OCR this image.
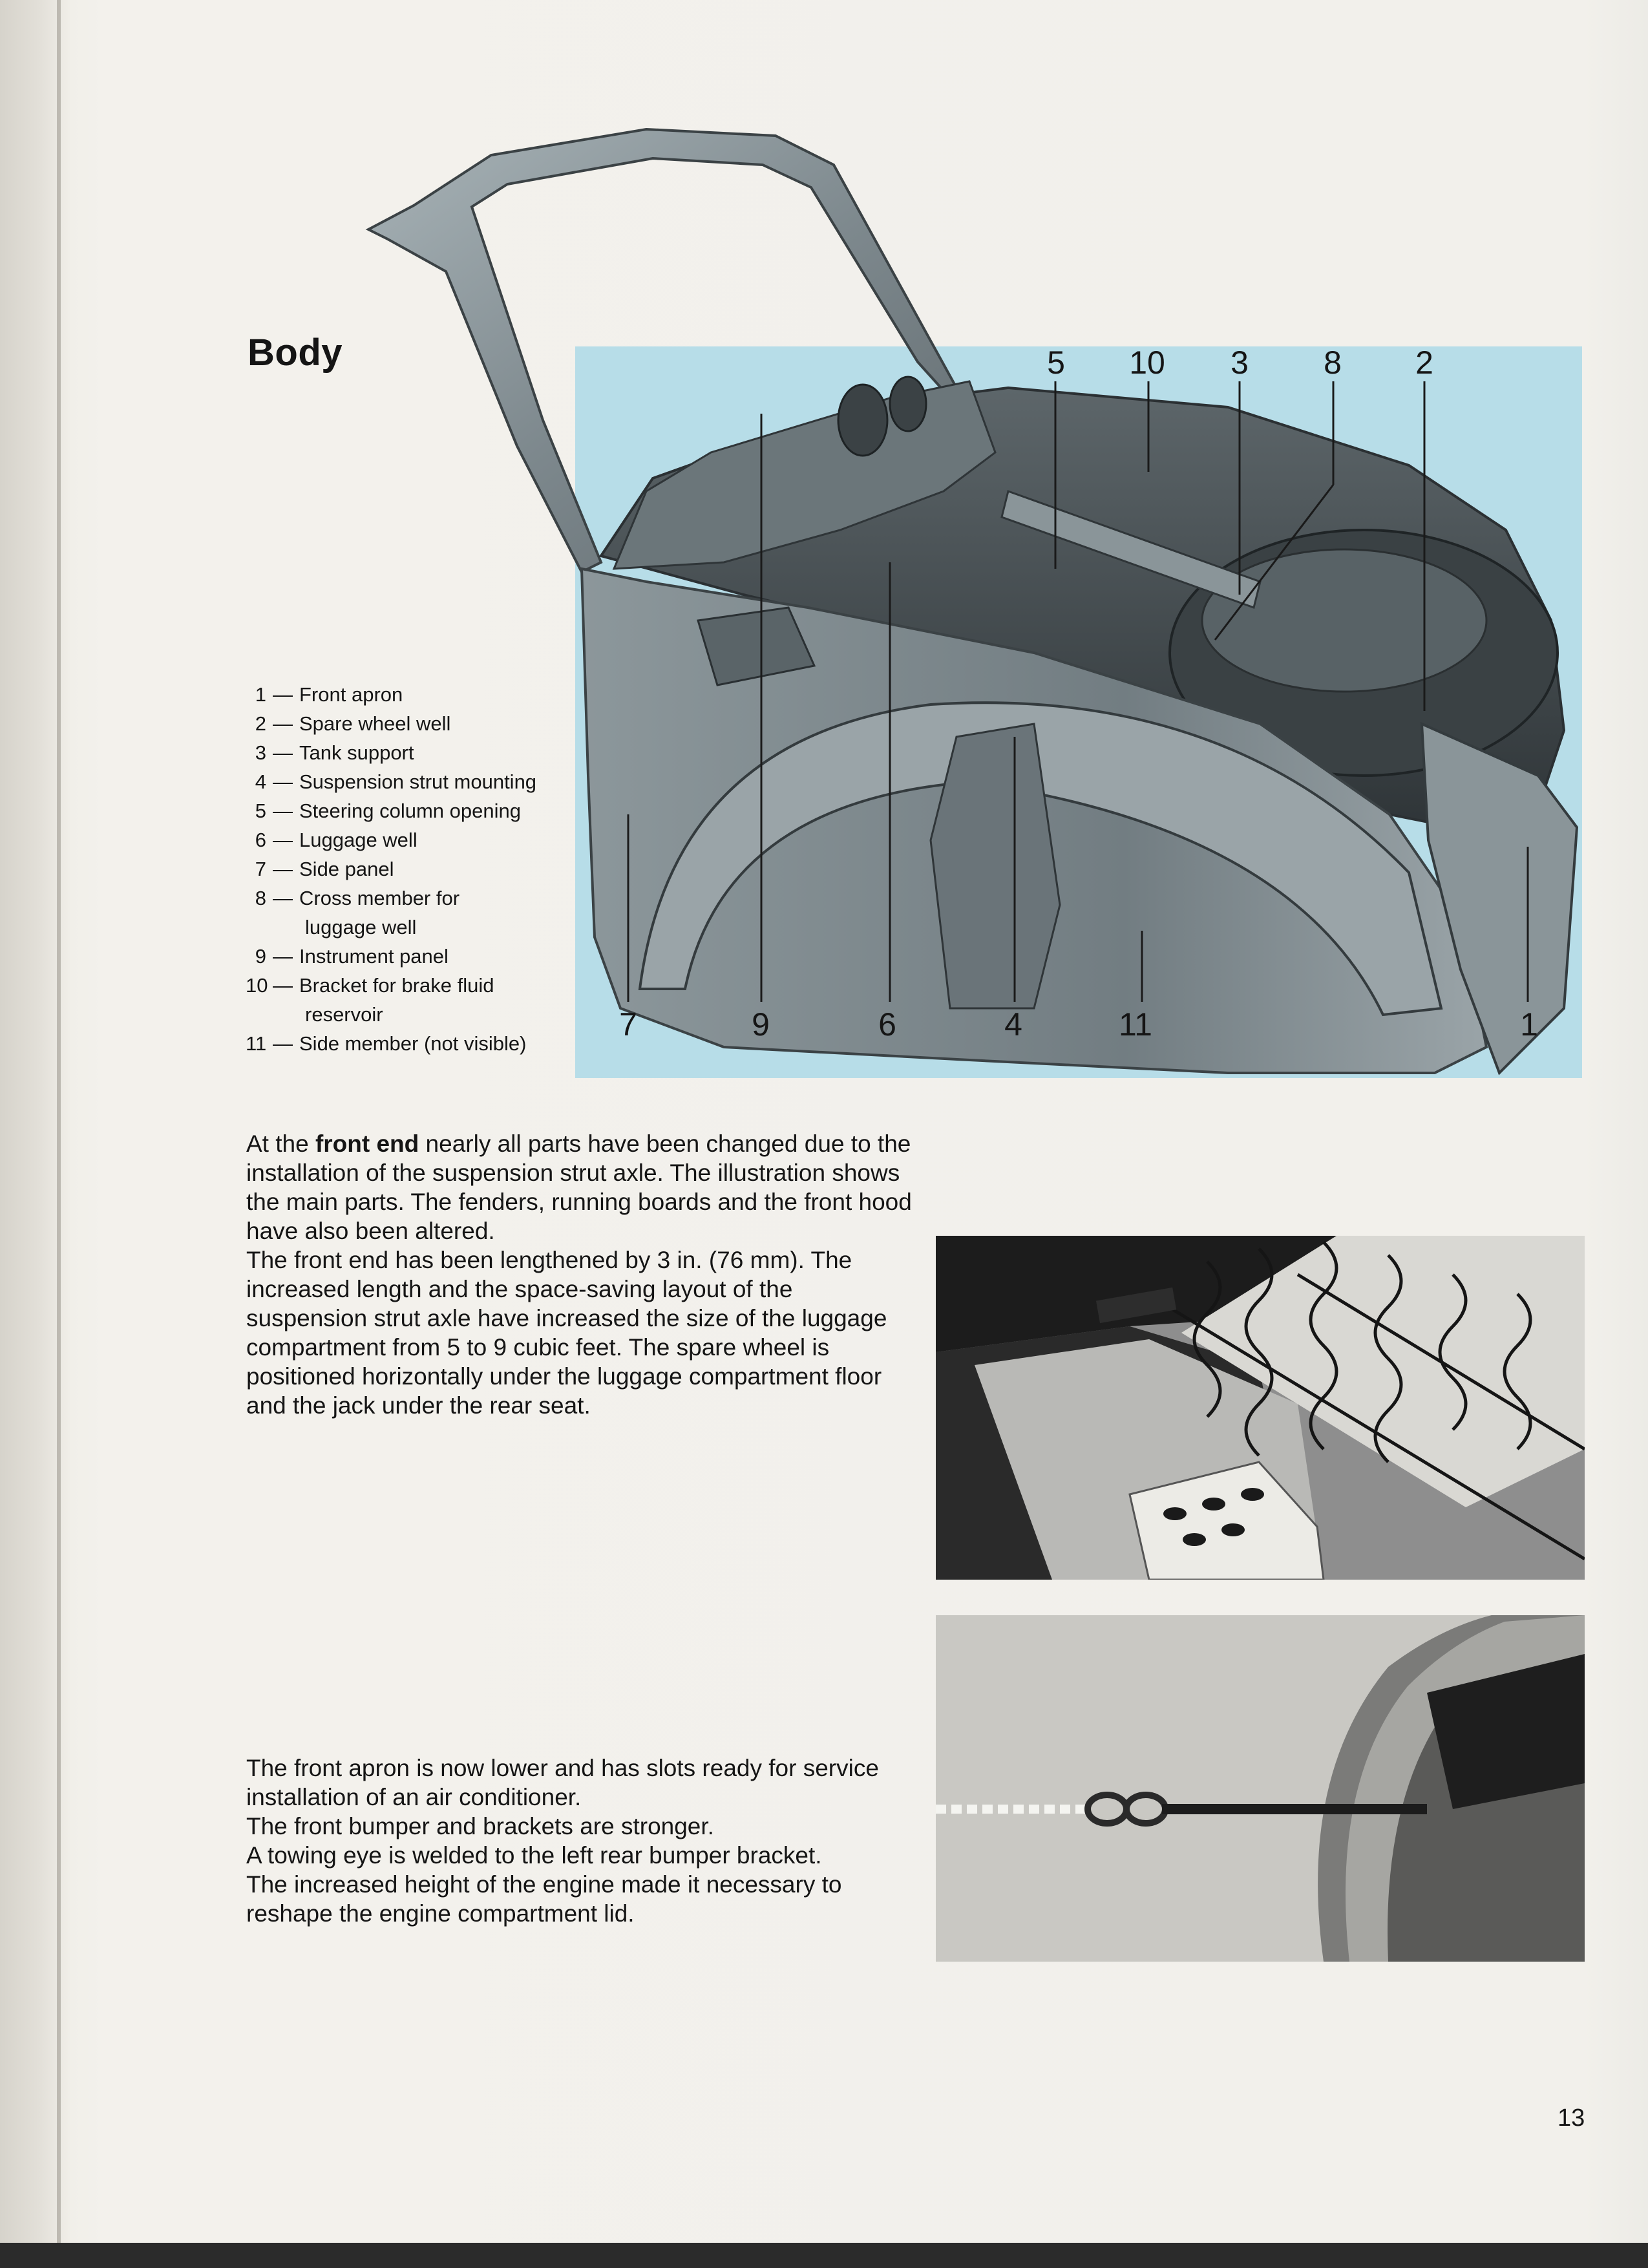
Body
1 — Front apron
2 — Spare wheel well
3 — Tank support
4 — Suspension strut mounting
5 — Steering column opening
6 — Luggage well
7 — Side panel
8 — Cross member for
luggage well
9 — Instrument panel
10 — Bracket for brake fluid
reservoir
11 — Side member (not visible)
5 10 3 8 2
7	9	6	4	11	1

At the front end nearly all parts have been changed due to the installation of the suspension strut axle. The illustration shows the main parts. The fenders, running boards and the front hood have also been altered.

The front end has been lengthened by 3 in. (76 mm). The increased length and the space-saving layout of the suspension strut axle have increased the size of the luggage compartment from 5 to 9 cubic feet. The spare wheel is positioned horizontally under the luggage compartment floor and the jack under the rear seat.

The front apron is now lower and has slots ready for service installation of an air conditioner.

The front bumper and brackets are stronger.

A towing eye is welded to the left rear bumper bracket.

The increased height of the engine made it necessary to reshape the engine compartment lid.

13
